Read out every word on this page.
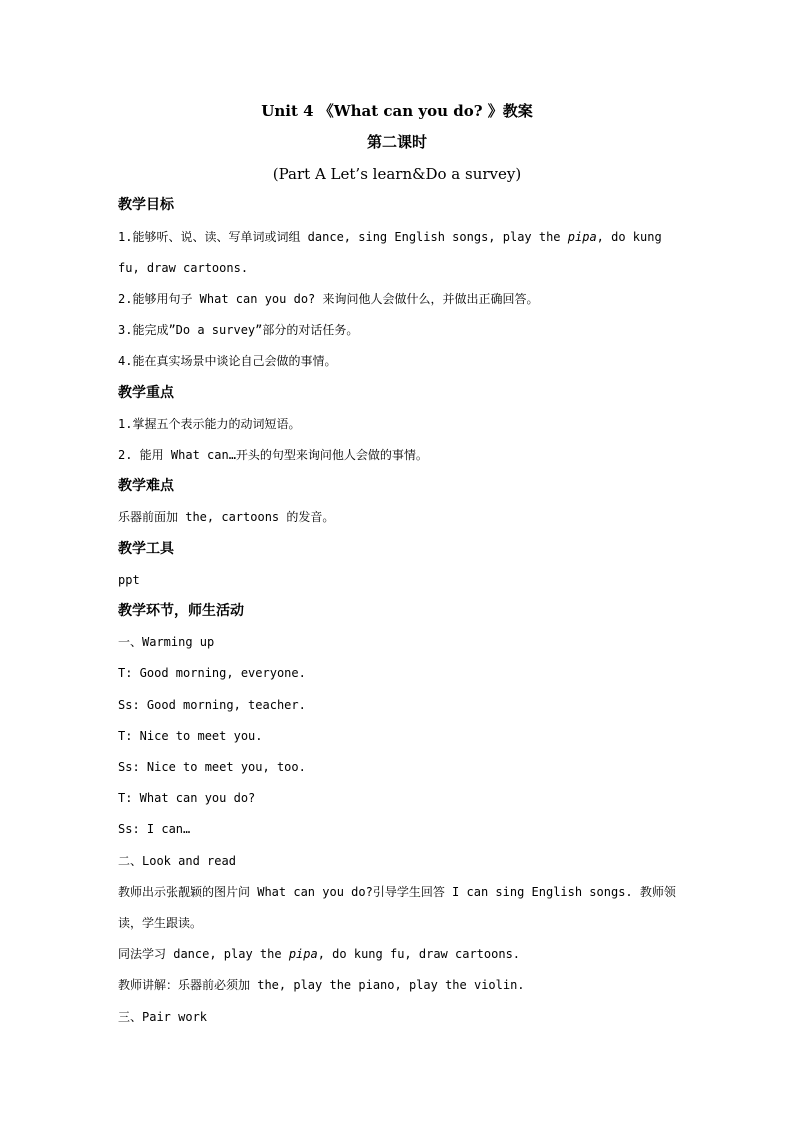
Unit 4 《What can you do? 》教案
第二课时
(Part A Let’s learn&Do a survey)
教学目标
1.能够听、说、读、写单词或词组 dance, sing English songs, play the pipa, do kung
fu, draw cartoons.
2.能够用句子 What can you do? 来询问他人会做什么，并做出正确回答。
3.能完成”Do a survey”部分的对话任务。
4.能在真实场景中谈论自己会做的事情。
教学重点
1.掌握五个表示能力的动词短语。
2. 能用 What can…开头的句型来询问他人会做的事情。
教学难点
乐器前面加 the, cartoons 的发音。
教学工具
ppt
教学环节，师生活动
一、Warming up
T: Good morning, everyone.
Ss: Good morning, teacher.
T: Nice to meet you.
Ss: Nice to meet you, too.
T: What can you do?
Ss: I can…
二、Look and read
教师出示张靓颖的图片问 What can you do?引导学生回答 I can sing English songs. 教师领
读，学生跟读。
同法学习 dance, play the pipa, do kung fu, draw cartoons.
教师讲解：乐器前必须加 the, play the piano, play the violin.
三、Pair work
